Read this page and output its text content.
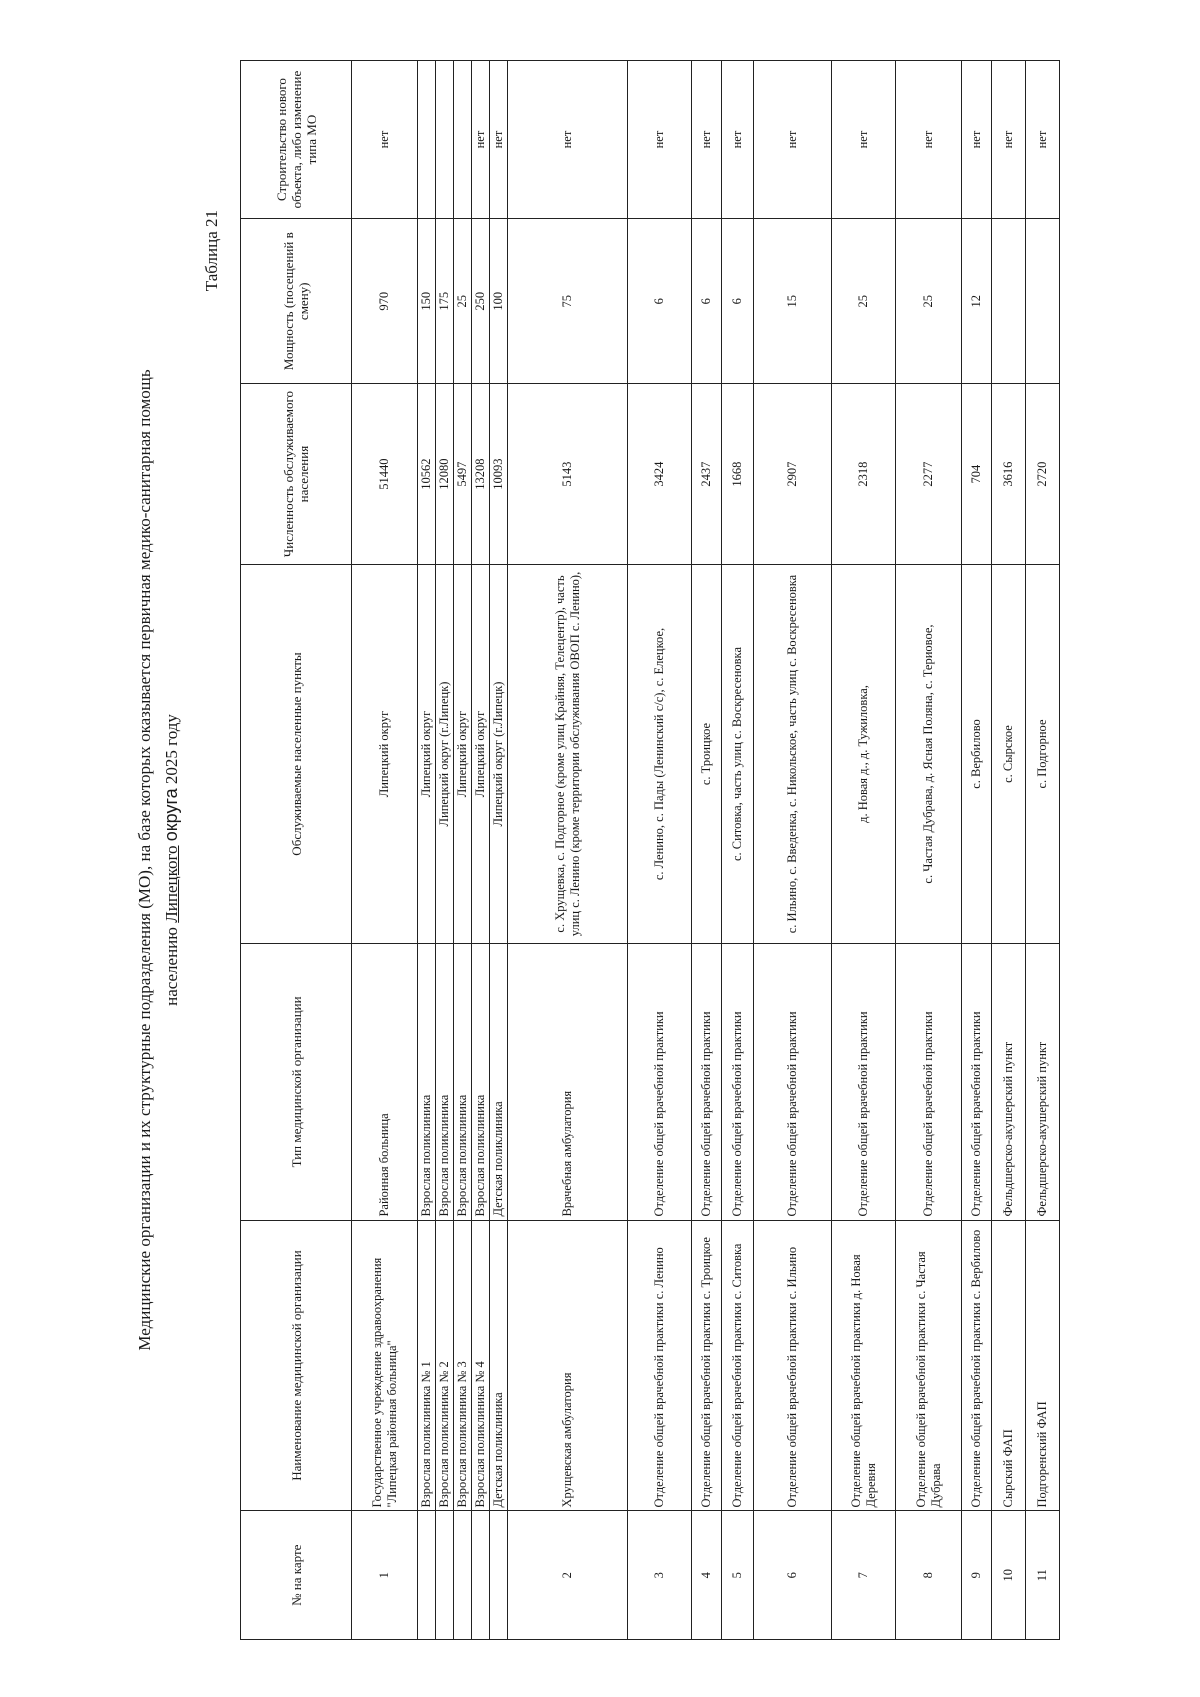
Медицинские организации и их структурные подразделения (МО), на базе которых оказывается первичная медико-санитарная помощь населению Липецкого округа 2025 году
Таблица 21
№ на карте	Наименование медицинской организации	Тип медицинской организации	Обслуживаемые населенные пункты	Численность обслуживаемого населения	Мощность (посещений в смену)	Строительство нового объекта, либо изменение типа МО
1	Государственное учреждение здравоохранения "Липецкая районная больница"	Районная больница	Липецкий округ	51440	970	нет
	Взрослая поликлиника № 1	Взрослая поликлиника	Липецкий округ	10562	150	
	Взрослая поликлиника № 2	Взрослая поликлиника	Липецкий округ (г.Липецк)	12080	175	
	Взрослая поликлиника № 3	Взрослая поликлиника	Липецкий округ	5497	25	
	Взрослая поликлиника № 4	Взрослая поликлиника	Липецкий округ	13208	250	нет
	Детская поликлиника	Детская поликлиника	Липецкий округ (г.Липецк)	10093	100	нет
2	Хрущевская амбулатория	Врачебная амбулатория	с. Хрущевка, с. Подгорное (кроме улиц Крайняя, Телецентр), часть улиц с. Ленино (кроме территории обслуживания ОВОП с. Ленино),	5143	75	нет
3	Отделение общей врачебной практики с. Ленино	Отделение общей врачебной практики	с. Ленино, с. Пады (Ленинский с/с), с. Елецкое,	3424	6	нет
4	Отделение общей врачебной практики с. Троицкое	Отделение общей врачебной практики	с. Троицкое	2437	6	нет
5	Отделение общей врачебной практики с. Ситовка	Отделение общей врачебной практики	с. Ситовка, часть улиц с. Воскресеновка	1668	6	нет
6	Отделение общей врачебной практики с. Ильино	Отделение общей врачебной практики	с. Ильино, с. Введенка, с. Никольское, часть улиц с. Воскресеновка	2907	15	нет
7	Отделение общей врачебной практики д. Новая Деревня	Отделение общей врачебной практики	д. Новая д., д. Тужиловка,	2318	25	нет
8	Отделение общей врачебной практики с. Частая Дубрава	Отделение общей врачебной практики	с. Частая Дубрава, д. Ясная Поляна, с. Териовое,	2277	25	нет
9	Отделение общей врачебной практики с. Вербилово	Отделение общей врачебной практики	с. Вербилово	704	12	нет
10	Сырский ФАП	Фельдшерско-акушерский пункт	с. Сырское	3616		нет
11	Подгоренский ФАП	Фельдшерско-акушерский пункт	с. Подгорное	2720		нет
